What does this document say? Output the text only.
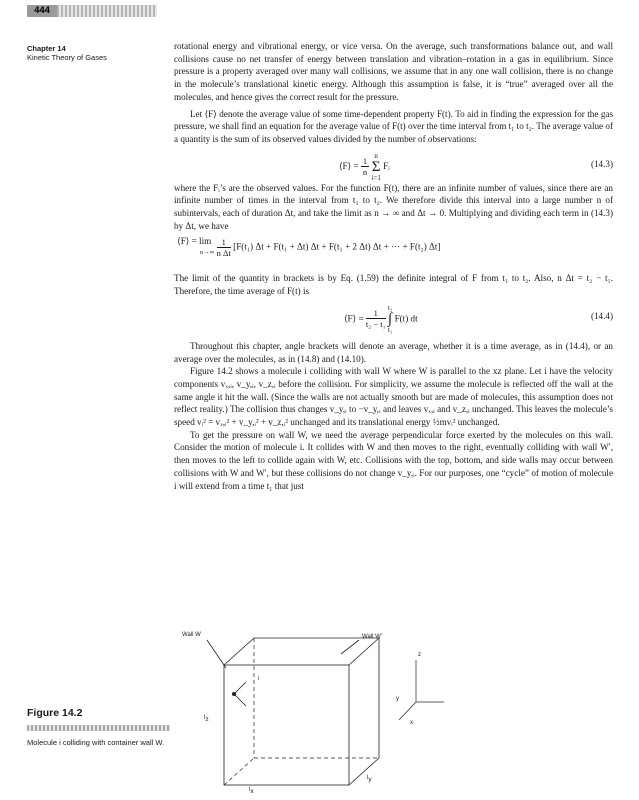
444
Chapter 14
Kinetic Theory of Gases

rotational energy and vibrational energy, or vice versa. On the average, such transformations balance out, and wall collisions cause no net transfer of energy between translation and vibration–rotation in a gas in equilibrium. Since pressure is a property averaged over many wall collisions, we assume that in any one wall collision, there is no change in the molecule’s translational kinetic energy. Although this assumption is false, it is “true” averaged over all the molecules, and hence gives the correct result for the pressure.

Let ⟨F⟩ denote the average value of some time-dependent property F(t). To aid in finding the expression for the gas pressure, we shall find an equation for the average value of F(t) over the time interval from t₁ to t₂. The average value of a quantity is the sum of its observed values divided by the number of observations:

⟨F⟩ = $\frac{1}{n}$
n
Σ
i=1 Fᵢ	(14.3)

where the Fᵢ’s are the observed values. For the function F(t), there are an infinite number of values, since there are an infinite number of times in the interval from t₁ to t₂. We therefore divide this interval into a large number n of subintervals, each of duration Δt, and take the limit as n → ∞ and Δt → 0. Multiplying and dividing each term in (14.3) by Δt, we have

⟨F⟩ = lim
$n\to\infty \frac{1}{\text{n Δt}} [F(t_1) \Delta t + F(t_1 + \Delta t) \Delta t + F(t_1 + 2$ Δt) Δt + ··· + F(t₂) Δt]

The limit of the quantity in brackets is by Eq. (1.59) the definite integral of F from t₁ to t₂. Also, n Δt = t₂ − t₁. Therefore, the time average of F(t) is

⟨F⟩ = $\frac{1}{\text{t₂ − t₁}}$
t₂
∫
t₁ F(t) dt	(14.4)

Throughout this chapter, angle brackets will denote an average, whether it is a time average, as in (14.4), or an average over the molecules, as in (14.8) and (14.10).

Figure 14.2 shows a molecule i colliding with wall W where W is parallel to the xz plane. Let i have the velocity components vₓ,ᵢ, v_y,ᵢ, v_z,ᵢ before the collision. For simplicity, we assume the molecule is reflected off the wall at the same angle it hit the wall. (Since the walls are not actually smooth but are made of molecules, this assumption does not reflect reality.) The collision thus changes v_y,ᵢ to −v_y,ᵢ and leaves vₓ,ᵢ and v_z,ᵢ unchanged. This leaves the molecule’s speed vᵢ² = vₓ,ᵢ² + v_y,ᵢ² + v_z,ᵢ² unchanged and its translational energy ½mvᵢ² unchanged.

To get the pressure on wall W, we need the average perpendicular force exerted by the molecules on this wall. Consider the motion of molecule i. It collides with W and then moves to the right, eventually colliding with wall W′, then moves to the left to collide again with W, etc. Collisions with the top, bottom, and side walls may occur between collisions with W and W′, but these collisions do not change v_y,ᵢ. For our purposes, one “cycle” of motion of molecule i will extend from a time t₁ that just

Wall W	Wall W′
i
$l_z$
$l_x$
$l_y$
z
y
x
Figure 14.2
Molecule i colliding with container wall W.
